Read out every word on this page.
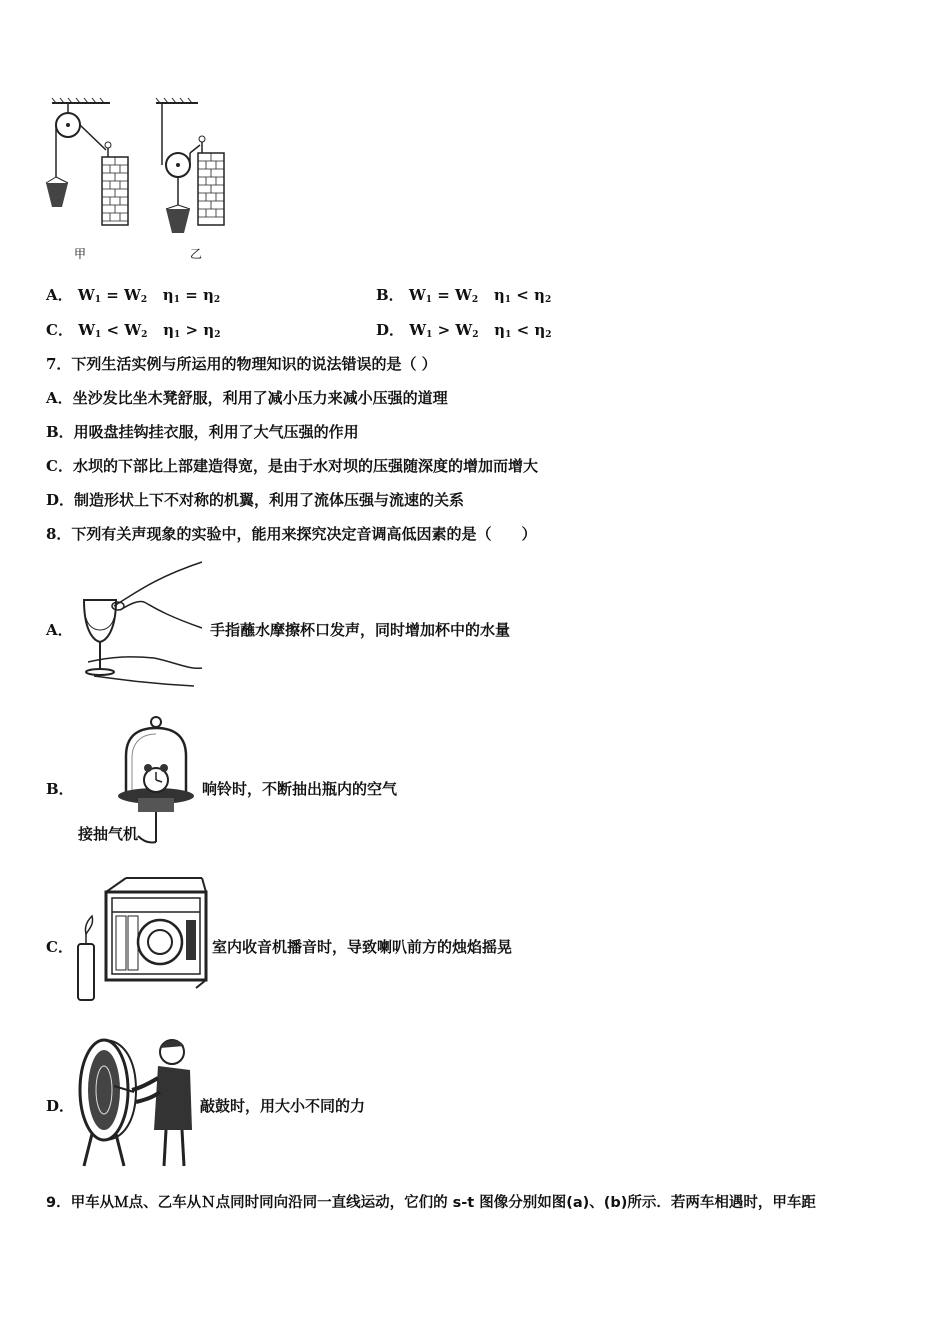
甲	乙
A． $W_1 = W_2$ $\eta_1 = \eta_2$	B． $W_1 = W_2$ $\eta_1 < \eta_2$
C． $W_1 < W_2$ $\eta_1 > \eta_2$	D． $W_1 > W_2$ $\eta_1 < \eta_2$
7．下列生活实例与所运用的物理知识的说法错误的是（ ）
A．坐沙发比坐木凳舒服，利用了减小压力来减小压强的道理
B．用吸盘挂钩挂衣服，利用了大气压强的作用
C．水坝的下部比上部建造得宽，是由于水对坝的压强随深度的增加而增大
D．制造形状上下不对称的机翼，利用了流体压强与流速的关系
8．下列有关声现象的实验中，能用来探究决定音调高低因素的是（　　）
A．	手指蘸水摩擦杯口发声，同时增加杯中的水量
B．
接抽气机
响铃时，不断抽出瓶内的空气
C．	室内收音机播音时，导致喇叭前方的烛焰摇晃
D．	敲鼓时，用大小不同的力
9．甲车从Ｍ点、乙车从Ｎ点同时同向沿同一直线运动，它们的 s-t 图像分别如图(a)、(b)所示．若两车相遇时，甲车距
